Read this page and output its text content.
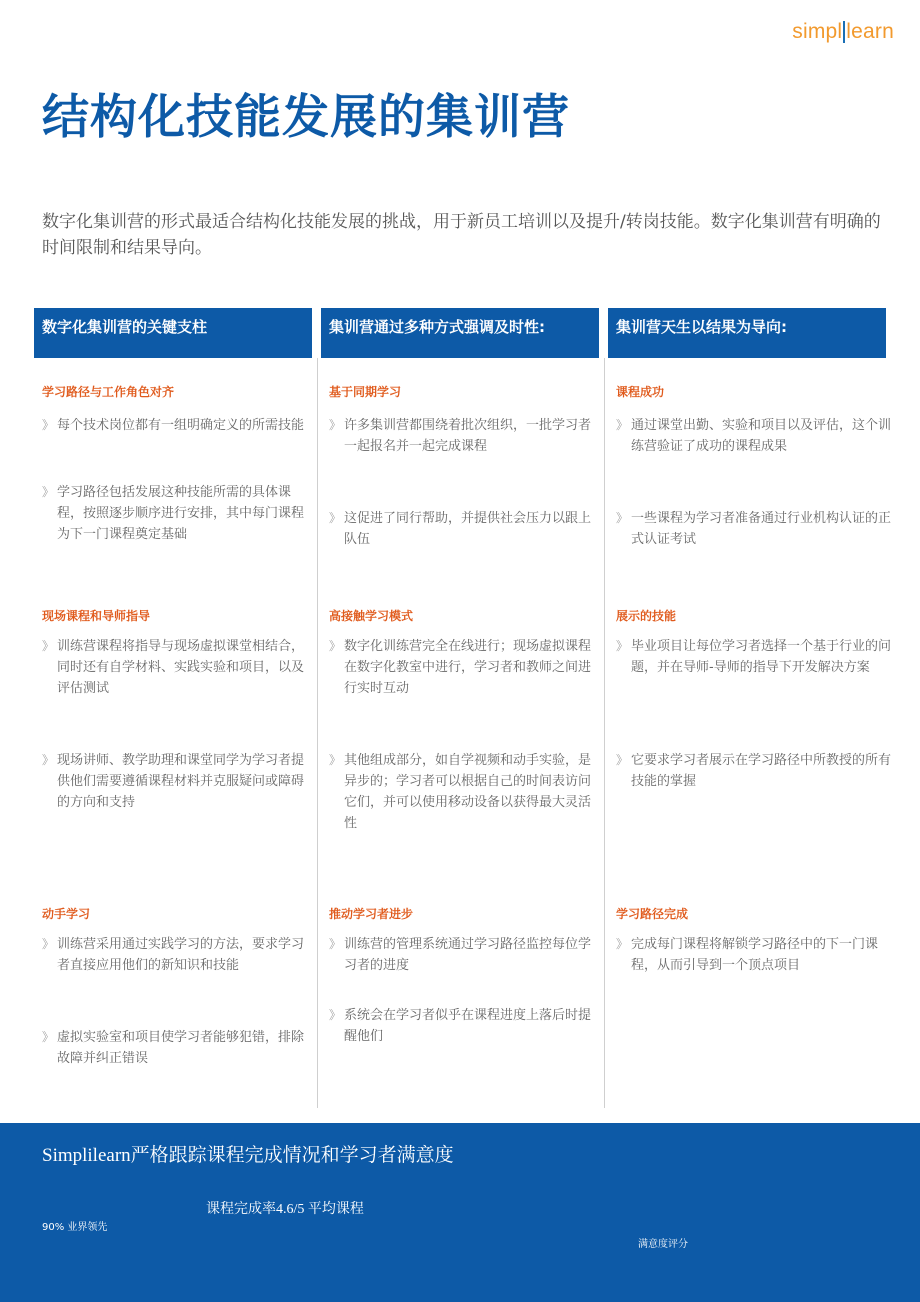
simpl learn
结构化技能发展的集训营

数字化集训营的形式最适合结构化技能发展的挑战，用于新员工培训以及提升/转岗技能。数字化集训营有明确的时间限制和结果导向。

数字化集训营的关键支柱	集训营通过多种方式强调及时性:	集训营天生以结果为导向:
学习路径与工作角色对齐
》 每个技术岗位都有一组明确定义的所需技能
》 学习路径包括发展这种技能所需的具体课程，按照逐步顺序进行安排，其中每门课程为下一门课程奠定基础
现场课程和导师指导
》 训练营课程将指导与现场虚拟课堂相结合，同时还有自学材料、实践实验和项目，以及评估测试
》 现场讲师、教学助理和课堂同学为学习者提供他们需要遵循课程材料并克服疑问或障碍的方向和支持
动手学习
》 训练营采用通过实践学习的方法，要求学习者直接应用他们的新知识和技能
》 虚拟实验室和项目使学习者能够犯错，排除故障并纠正错误
基于同期学习
》 许多集训营都围绕着批次组织，一批学习者一起报名并一起完成课程
》 这促进了同行帮助，并提供社会压力以跟上队伍
高接触学习模式
》 数字化训练营完全在线进行；现场虚拟课程在数字化教室中进行，学习者和教师之间进行实时互动
》 其他组成部分，如自学视频和动手实验，是异步的；学习者可以根据自己的时间表访问它们，并可以使用移动设备以获得最大灵活性
推动学习者进步
》 训练营的管理系统通过学习路径监控每位学习者的进度
》 系统会在学习者似乎在课程进度上落后时提醒他们
课程成功
》 通过课堂出勤、实验和项目以及评估，这个训练营验证了成功的课程成果
》 一些课程为学习者准备通过行业机构认证的正式认证考试
展示的技能
》 毕业项目让每位学习者选择一个基于行业的问题，并在导师-导师的指导下开发解决方案
》 它要求学习者展示在学习路径中所教授的所有技能的掌握
学习路径完成
》 完成每门课程将解锁学习路径中的下一门课程，从而引导到一个顶点项目
Simplilearn严格跟踪课程完成情况和学习者满意度
课程完成率4.6/5 平均课程
90% 业界领先
满意度评分
